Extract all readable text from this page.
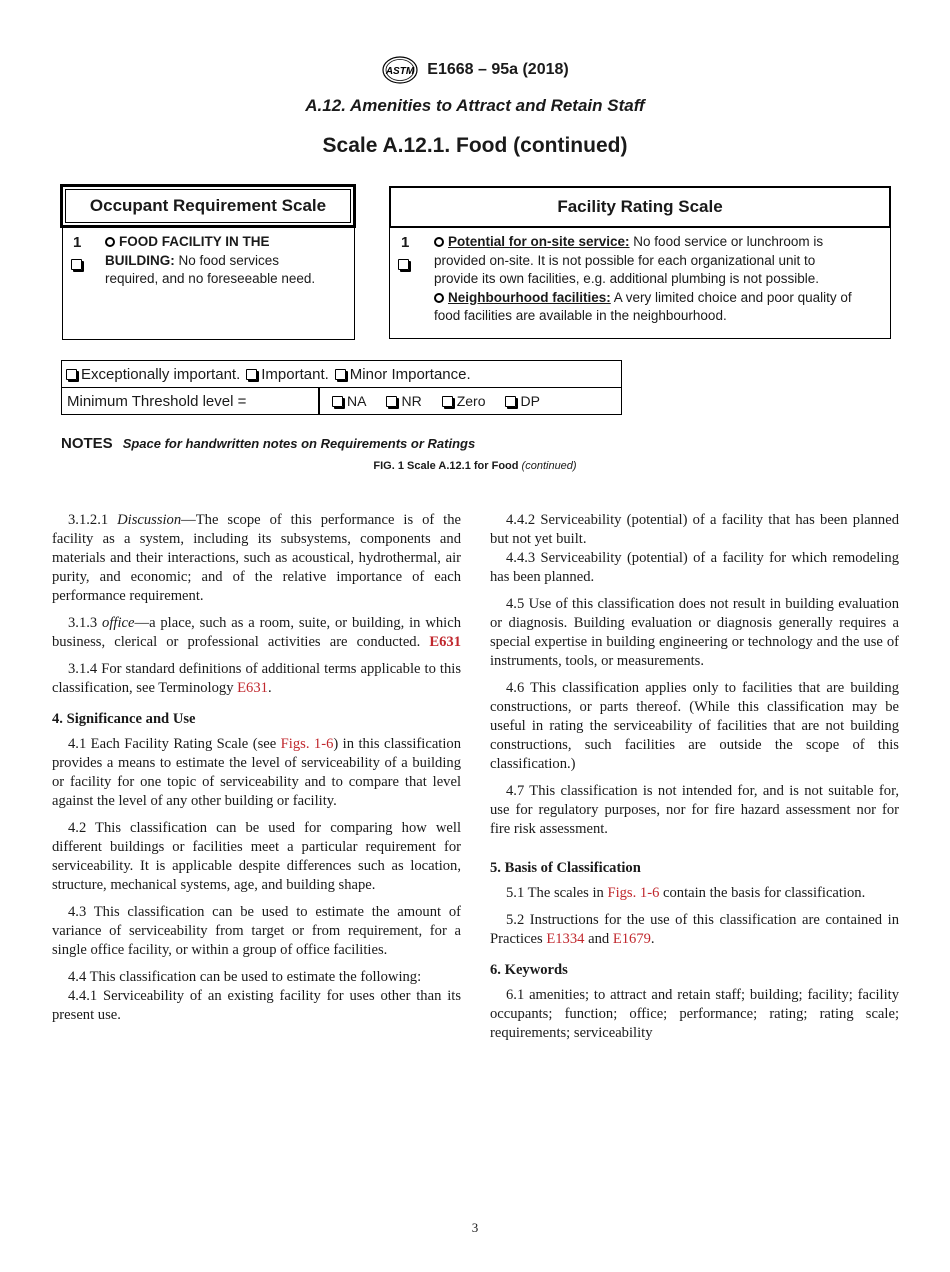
ASTM E1668 – 95a (2018)
A.12. Amenities to Attract and Retain Staff
Scale A.12.1. Food (continued)
Occupant Requirement Scale
1	FOOD FACILITY IN THE
BUILDING: No food services
required, and no foreseeable need.
Facility Rating Scale
1	Potential for on-site service: No food service or lunchroom is
provided on-site. It is not possible for each organizational unit to
provide its own facilities, e.g. additional plumbing is not possible.
Neighbourhood facilities: A very limited choice and poor quality of
food facilities are available in the neighbourhood.
Exceptionally important.	Important.	Minor Importance.
Minimum Threshold level =	NA	NR	Zero	DP
NOTES Space for handwritten notes on Requirements or Ratings
FIG. 1 Scale A.12.1 for Food (continued)

3.1.2.1 Discussion—The scope of this performance is of the facility as a system, including its subsystems, components and materials and their interactions, such as acoustical, hydrothermal, air purity, and economic; and of the relative importance of each performance requirement.

3.1.3 office—a place, such as a room, suite, or building, in which business, clerical or professional activities are conducted. E631

3.1.4 For standard definitions of additional terms applicable to this classification, see Terminology E631.

4. Significance and Use

4.1 Each Facility Rating Scale (see Figs. 1-6) in this classification provides a means to estimate the level of serviceability of a building or facility for one topic of serviceability and to compare that level against the level of any other building or facility.

4.2 This classification can be used for comparing how well different buildings or facilities meet a particular requirement for serviceability. It is applicable despite differences such as location, structure, mechanical systems, age, and building shape.

4.3 This classification can be used to estimate the amount of variance of serviceability from target or from requirement, for a single office facility, or within a group of office facilities.

4.4 This classification can be used to estimate the following:

4.4.1 Serviceability of an existing facility for uses other than its present use.

4.4.2 Serviceability (potential) of a facility that has been planned but not yet built.

4.4.3 Serviceability (potential) of a facility for which remodeling has been planned.

4.5 Use of this classification does not result in building evaluation or diagnosis. Building evaluation or diagnosis generally requires a special expertise in building engineering or technology and the use of instruments, tools, or measurements.

4.6 This classification applies only to facilities that are building constructions, or parts thereof. (While this classification may be useful in rating the serviceability of facilities that are not building constructions, such facilities are outside the scope of this classification.)

4.7 This classification is not intended for, and is not suitable for, use for regulatory purposes, nor for fire hazard assessment nor for fire risk assessment.

5. Basis of Classification

5.1 The scales in Figs. 1-6 contain the basis for classification.

5.2 Instructions for the use of this classification are contained in Practices E1334 and E1679.

6. Keywords

6.1 amenities; to attract and retain staff; building; facility; facility occupants; function; office; performance; rating; rating scale; requirements; serviceability

3
